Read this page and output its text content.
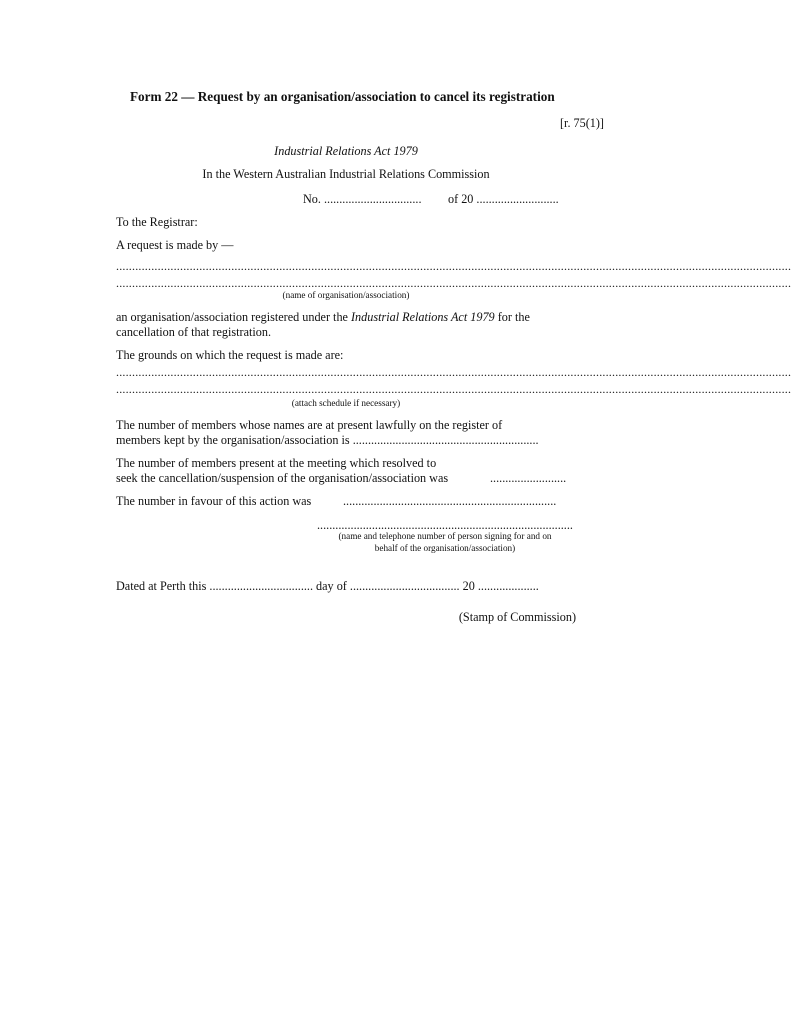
Form 22 — Request by an organisation/association to cancel its registration
[r. 75(1)]
Industrial Relations Act 1979
In the Western Australian Industrial Relations Commission
No. ................................ of 20 ...........................
To the Registrar:
A request is made by —
...................................................................................................................................................................................................................
...................................................................................................................................................................................................................
(name of organisation/association)
an organisation/association registered under the Industrial Relations Act 1979 for the
cancellation of that registration.
The grounds on which the request is made are:
...................................................................................................................................................................................................................
...................................................................................................................................................................................................................
(attach schedule if necessary)
The number of members whose names are at present lawfully on the register of
members kept by the organisation/association is .............................................................
The number of members present at the meeting which resolved to
seek the cancellation/suspension of the organisation/association was	.........................
The number in favour of this action was	......................................................................
....................................................................................
(name and telephone number of person signing for and on
behalf of the organisation/association)
Dated at Perth this .................................. day of .................................... 20 ....................
(Stamp of Commission)
